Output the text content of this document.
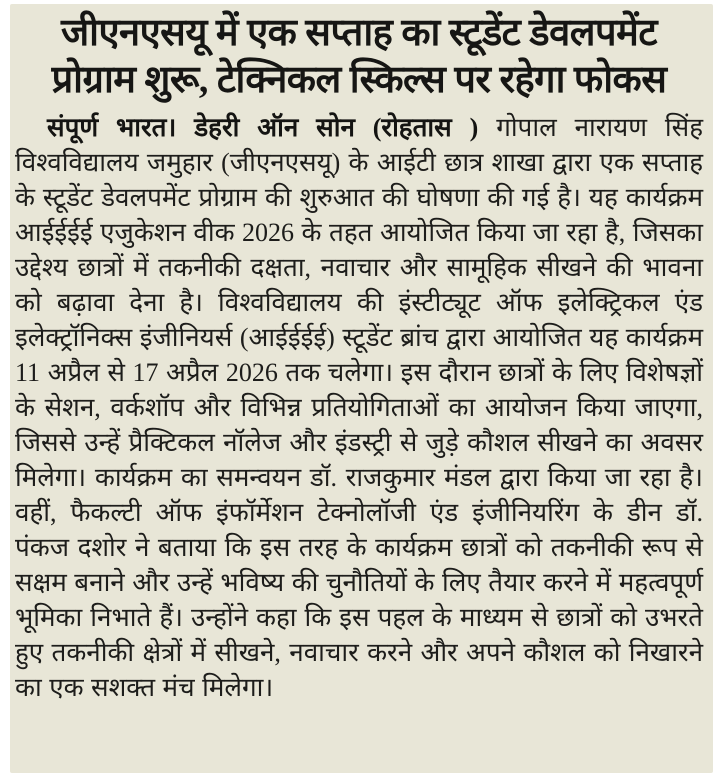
जीएनएसयू में एक सप्ताह का स्टूडेंट डेवलपमेंट
प्रोग्राम शुरू, टेक्निकल स्किल्स पर रहेगा फोकस
संपूर्ण भारत। डेहरी ऑन सोन (रोहतास ) गोपाल नारायण सिंह विश्वविद्यालय जमुहार (जीएनएसयू) के आईटी छात्र शाखा द्वारा एक सप्ताह के स्टूडेंट डेवलपमेंट प्रोग्राम की शुरुआत की घोषणा की गई है। यह कार्यक्रम आईईईई एजुकेशन वीक 2026 के तहत आयोजित किया जा रहा है, जिसका उद्देश्य छात्रों में तकनीकी दक्षता, नवाचार और सामूहिक सीखने की भावना को बढ़ावा देना है। विश्वविद्यालय की इंस्टीट्यूट ऑफ इलेक्ट्रिकल एंड इलेक्ट्रॉनिक्स इंजीनियर्स (आईईईई) स्टूडेंट ब्रांच द्वारा आयोजित यह कार्यक्रम 11 अप्रैल से 17 अप्रैल 2026 तक चलेगा। इस दौरान छात्रों के लिए विशेषज्ञों के सेशन, वर्कशॉप और विभिन्न प्रतियोगिताओं का आयोजन किया जाएगा, जिससे उन्हें प्रैक्टिकल नॉलेज और इंडस्ट्री से जुड़े कौशल सीखने का अवसर मिलेगा। कार्यक्रम का समन्वयन डॉ. राजकुमार मंडल द्वारा किया जा रहा है। वहीं, फैकल्टी ऑफ इंफॉर्मेशन टेक्नोलॉजी एंड इंजीनियरिंग के डीन डॉ. पंकज दशोर ने बताया कि इस तरह के कार्यक्रम छात्रों को तकनीकी रूप से सक्षम बनाने और उन्हें भविष्य की चुनौतियों के लिए तैयार करने में महत्वपूर्ण भूमिका निभाते हैं। उन्होंने कहा कि इस पहल के माध्यम से छात्रों को उभरते हुए तकनीकी क्षेत्रों में सीखने, नवाचार करने और अपने कौशल को निखारने का एक सशक्त मंच मिलेगा।
